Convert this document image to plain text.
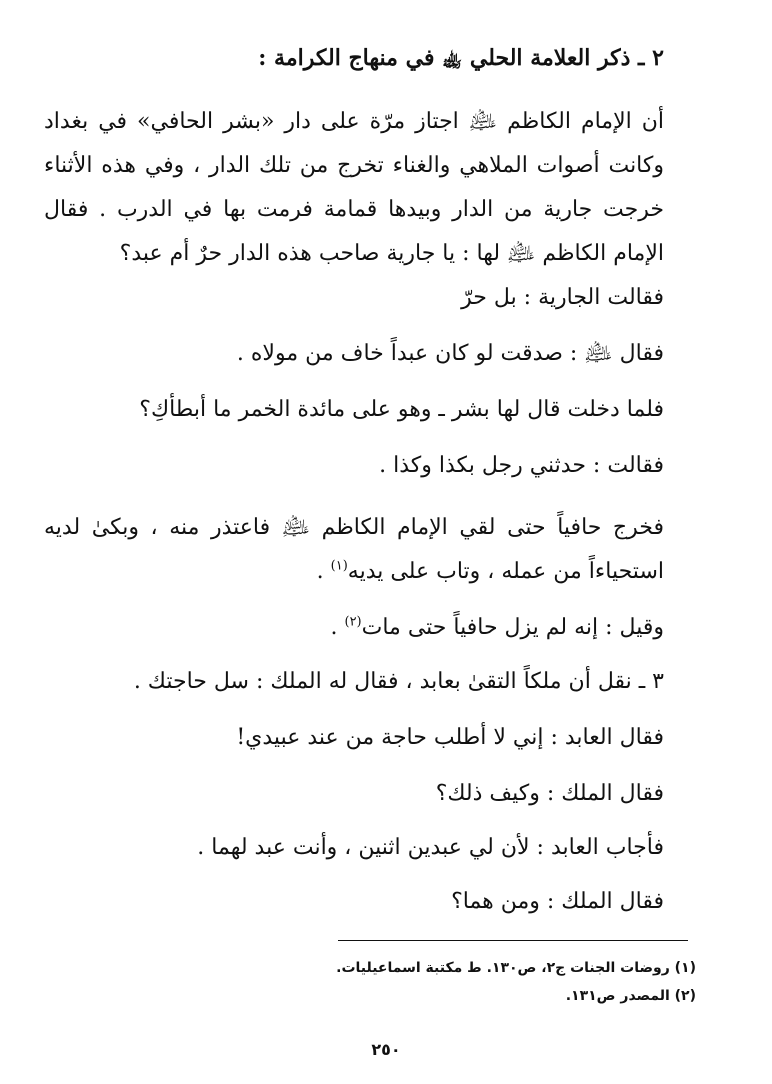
٢ ـ ذكر العلامة الحلي ﵀ في منهاج الكرامة :
أن الإمام الكاظم ﵇ اجتاز مرّة على دار «بشر الحافي» في بغداد وكانت أصوات الملاهي والغناء تخرج من تلك الدار ، وفي هذه الأثناء خرجت جارية من الدار وبيدها قمامة فرمت بها في الدرب . فقال الإمام الكاظم ﵇ لها : يا جارية صاحب هذه الدار حرٌ أم عبد؟
فقالت الجارية : بل حرّ
فقال ﵇ : صدقت لو كان عبداً خاف من مولاه .
فلما دخلت قال لها بشر ـ وهو على مائدة الخمر ما أبطأكِ؟
فقالت : حدثني رجل بكذا وكذا .
فخرج حافياً حتى لقي الإمام الكاظم ﵇ فاعتذر منه ، وبكىٰ لديه استحياءاً من عمله ، وتاب على يديه$^{(١)}$ .
وقيل : إنه لم يزل حافياً حتى مات$^{(٢)}$ .
٣ ـ نقل أن ملكاً التقىٰ بعابد ، فقال له الملك : سل حاجتك .
فقال العابد : إني لا أطلب حاجة من عند عبيدي!
فقال الملك : وكيف ذلك؟
فأجاب العابد : لأن لي عبدين اثنين ، وأنت عبد لهما .
فقال الملك : ومن هما؟
(١) روضات الجنات ج٢، ص١٣٠. ط مكتبة اسماعيليات.
(٢) المصدر ص١٣١.
٢٥٠
